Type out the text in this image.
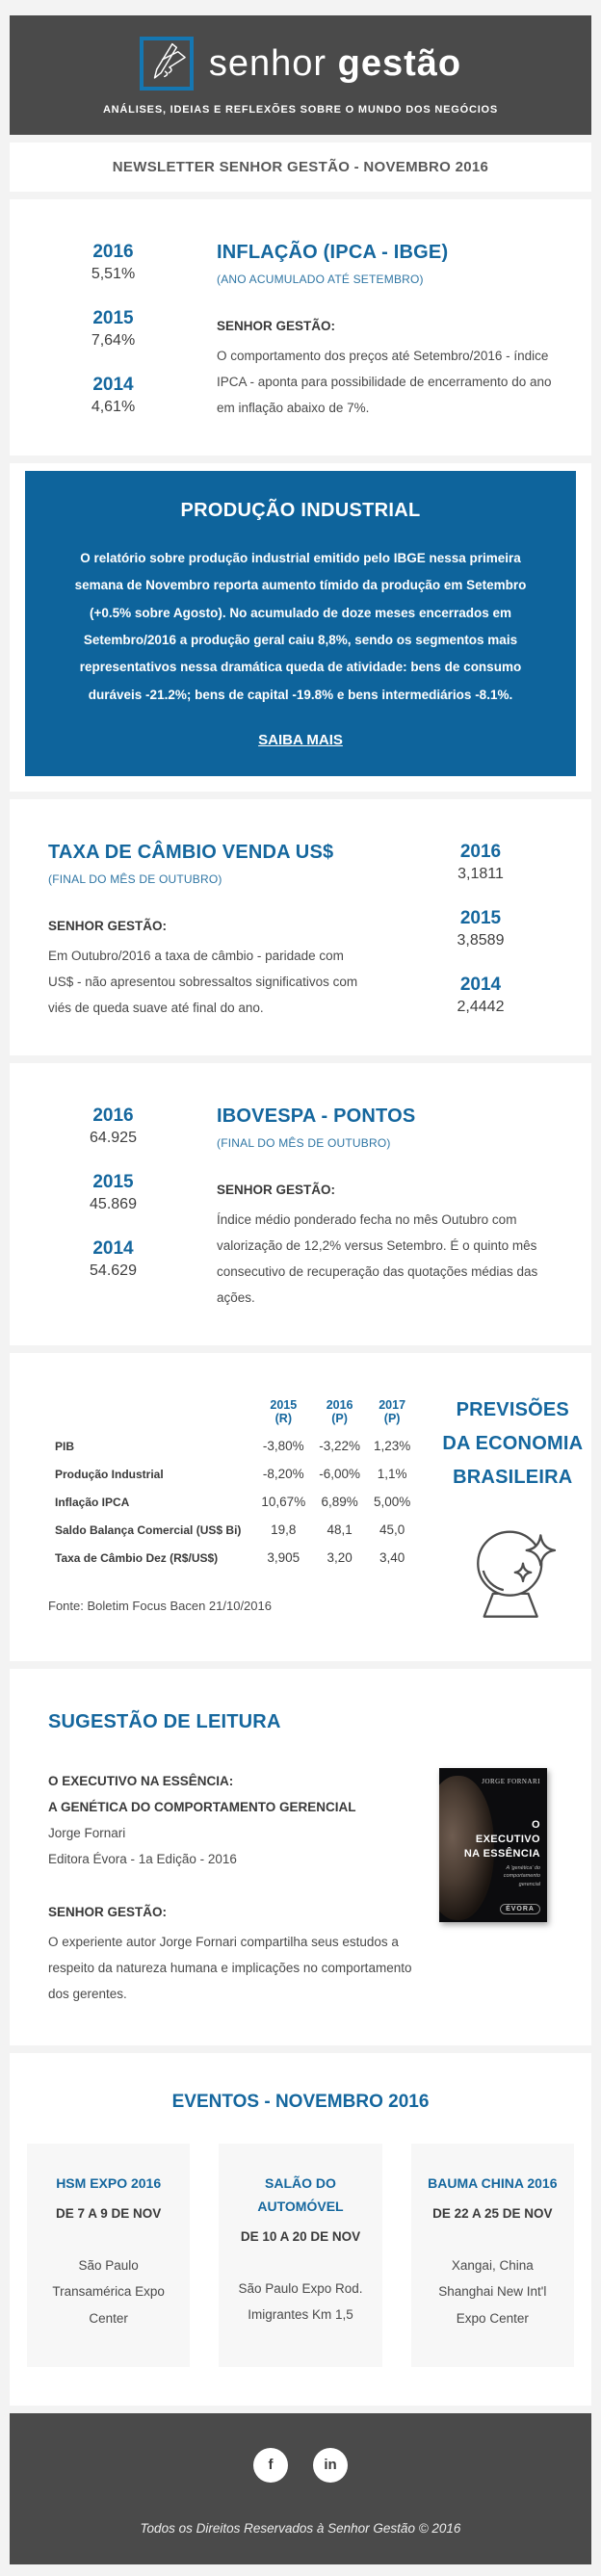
senhor gestão
ANÁLISES, IDEIAS E REFLEXÕES SOBRE O MUNDO DOS NEGÓCIOS
NEWSLETTER SENHOR GESTÃO - NOVEMBRO 2016
2016
5,51%
2015
7,64%
2014
4,61%
INFLAÇÃO (IPCA - IBGE)
(ANO ACUMULADO ATÉ SETEMBRO)
SENHOR GESTÃO:

O comportamento dos preços até Setembro/2016 - índice IPCA - aponta para possibilidade de encerramento do ano em inflação abaixo de 7%.

PRODUÇÃO INDUSTRIAL

O relatório sobre produção industrial emitido pelo IBGE nessa primeira semana de Novembro reporta aumento tímido da produção em Setembro (+0.5% sobre Agosto). No acumulado de doze meses encerrados em Setembro/2016 a produção geral caiu 8,8%, sendo os segmentos mais representativos nessa dramática queda de atividade: bens de consumo duráveis -21.2%; bens de capital -19.8% e bens intermediários -8.1%.

SAIBA MAIS
TAXA DE CÂMBIO VENDA US$
(FINAL DO MÊS DE OUTUBRO)
SENHOR GESTÃO:

Em Outubro/2016 a taxa de câmbio - paridade com US$ - não apresentou sobressaltos significativos com viés de queda suave até final do ano.

2016
3,1811
2015
3,8589
2014
2,4442
2016
64.925
2015
45.869
2014
54.629
IBOVESPA - PONTOS
(FINAL DO MÊS DE OUTUBRO)
SENHOR GESTÃO:

Índice médio ponderado fecha no mês Outubro com valorização de 12,2% versus Setembro. É o quinto mês consecutivo de recuperação das quotações médias das ações.

	2015 (R)	2016 (P)	2017 (P)
PIB	-3,80%	-3,22%	1,23%
Produção Industrial	-8,20%	-6,00%	1,1%
Inflação IPCA	10,67%	6,89%	5,00%
Saldo Balança Comercial (US$ Bi)	19,8	48,1	45,0
Taxa de Câmbio Dez (R$/US$)	3,905	3,20	3,40
Fonte: Boletim Focus Bacen 21/10/2016
PREVISÕES
DA ECONOMIA
BRASILEIRA
SUGESTÃO DE LEITURA
O EXECUTIVO NA ESSÊNCIA:
A GENÉTICA DO COMPORTAMENTO GERENCIAL
Jorge Fornari
Editora Évora - 1a Edição - 2016
SENHOR GESTÃO:

O experiente autor Jorge Fornari compartilha seus estudos a respeito da natureza humana e implicações no comportamento dos gerentes.

JORGE FORNARI
O
EXECUTIVO
NA ESSÊNCIA
A 'genética' do comportamento gerencial
ÉVORA
EVENTOS - NOVEMBRO 2016
HSM EXPO 2016
DE 7 A 9 DE NOV
São Paulo Transamérica Expo Center
SALÃO DO AUTOMÓVEL
DE 10 A 20 DE NOV
São Paulo Expo Rod. Imigrantes Km 1,5
BAUMA CHINA 2016
DE 22 A 25 DE NOV
Xangai, China Shanghai New Int'l Expo Center
f	in
Todos os Direitos Reservados à Senhor Gestão © 2016
